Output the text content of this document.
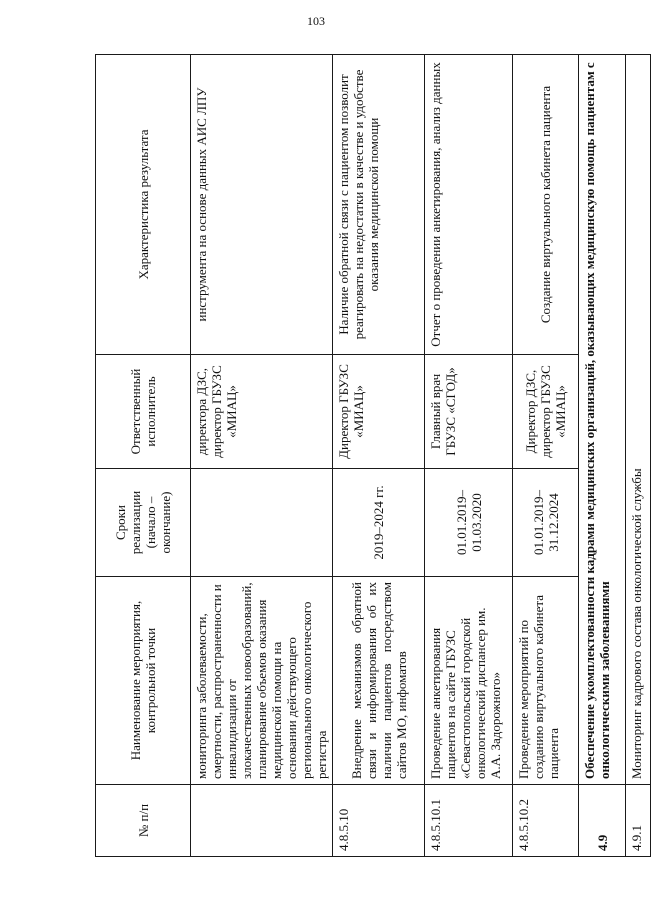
103
№ п/п	Наименование мероприятия, контрольной точки	Сроки реализации (начало – окончание)	Ответственный исполнитель	Характеристика результата
	мониторинга заболеваемости, смертности, распространенности и инвалидизации от злокачественных новообразований, планирование объемов оказания медицинской помощи на основании действующего регионального онкологического регистра		директора ДЗС, директор ГБУЗС «МИАЦ»	инструмента на основе данных АИС ЛПУ
4.8.5.10	Внедрение механизмов обратной связи и информирования об их наличии пациентов посредством сайтов МО, инфоматов	2019–2024 гг.	Директор ГБУЗС «МИАЦ»	Наличие обратной связи с пациентом позволит реагировать на недостатки в качестве и удобстве оказания медицинской помощи
4.8.5.10.1	Проведение анкетирования пациентов на сайте ГБУЗС «Севастопольский городской онкологический диспансер им. А.А. Задорожного»	01.01.2019– 01.03.2020	Главный врач ГБУЗС «СГОД»	Отчет о проведении анкетирования, анализ данных
4.8.5.10.2	Проведение мероприятий по созданию виртуального кабинета пациента	01.01.2019– 31.12.2024	Директор ДЗС, директор ГБУЗС «МИАЦ»	Создание виртуального кабинета пациента
4.9	Обеспечение укомплектованности кадрами медицинских организаций, оказывающих медицинскую помощь пациентам с онкологическими заболеваниями			
4.9.1	Мониторинг кадрового состава онкологической службы			
